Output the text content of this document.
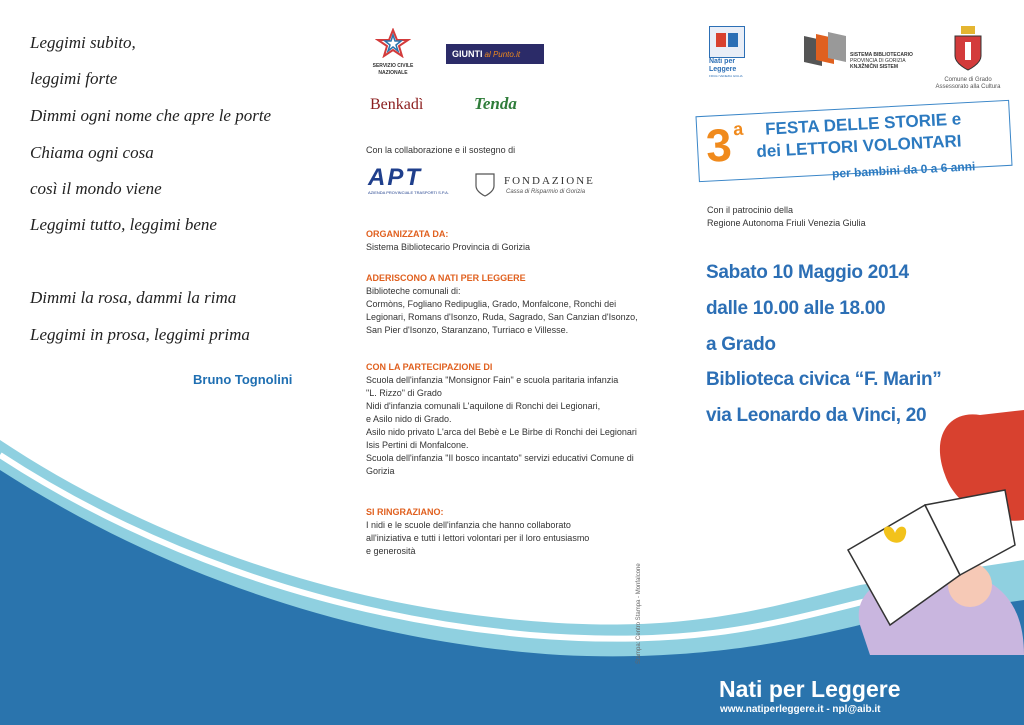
Leggimi subito,
leggimi forte
Dimmi ogni nome che apre le porte
Chiama ogni cosa
così il mondo viene
Leggimi tutto, leggimi bene
Dimmi la rosa, dammi la rima
Leggimi in prosa, leggimi prima
Bruno Tognolini
SERVIZIO CIVILE NAZIONALE
GIUNTI al Punto.it
Benkadì	Tenda
Con la collaborazione e il sostegno di
APT
AZIENDA PROVINCIALE TRASPORTI S.P.A.
FONDAZIONE
Cassa di Risparmio di Gorizia
ORGANIZZATA DA:
Sistema Bibliotecario Provincia di Gorizia
ADERISCONO A NATI PER LEGGERE
Biblioteche comunali di:
Cormòns, Fogliano Redipuglia, Grado, Monfalcone, Ronchi dei
Legionari, Romans d'Isonzo, Ruda, Sagrado, San Canzian d'Isonzo,
San Pier d'Isonzo, Staranzano, Turriaco e Villesse.
CON LA PARTECIPAZIONE DI
Scuola dell'infanzia "Monsignor Fain" e scuola paritaria infanzia
"L. Rizzo" di Grado
Nidi d'infanzia comunali L'aquilone di Ronchi dei Legionari,
e Asilo nido di Grado.
Asilo nido privato L'arca del Bebè e Le Birbe di Ronchi dei Legionari
Isis Pertini di Monfalcone.
Scuola dell'infanzia "Il bosco incantato" servizi educativi Comune di
Gorizia
SI RINGRAZIANO:
I nidi e le scuole dell'infanzia che hanno collaborato
all'iniziativa e tutti i lettori volontari per il loro entusiasmo
e generosità
Stampa: Centro Stampa - Monfalcone
Nati per
Leggere
FRIULI VENEZIA GIULIA
SISTEMA BIBLIOTECARIO
PROVINCIA DI GORIZIA
KNJIŽNIČNI SISTEM
Comune di Grado
Assessorato alla Cultura
3 a FESTA DELLE STORIE e
dei LETTORI VOLONTARI
per bambini da 0 a 6 anni
Con il patrocinio della
Regione Autonoma Friuli Venezia Giulia
Sabato 10 Maggio 2014
dalle 10.00 alle 18.00
a Grado
Biblioteca civica “F. Marin”
via Leonardo da Vinci, 20
Nati per Leggere
www.natiperleggere.it - npl@aib.it
